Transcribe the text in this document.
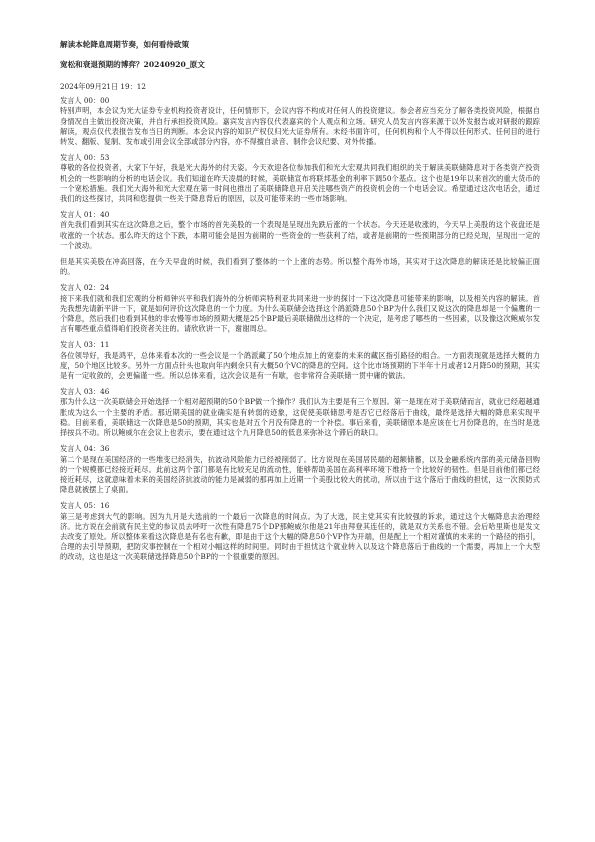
解读本轮降息周期节奏，如何看待政策

宽松和衰退预期的博弈？20240920_原文

2024年09月21日 19：12

发言人 00：00

特别声明，本会议为光大证券专业机构投资者设计，任何情形下，会议内容不构成对任何人的投资建议。参会者应当充分了解各类投资风险，根据自身情况自主做出投资决策，并自行承担投资风险。嘉宾发言内容仅代表嘉宾的个人观点和立场。研究人员发言内容来源于以外发报告或对研报的跟踪解读，观点仅代表报告发布当日的判断。本会议内容的知识产权仅归光大证券所有。未经书面许可，任何机构和个人不得以任何形式、任何目的进行转发、翻版、复制、发布或引用会议全部或部分内容，亦不得擅自录音、制作会议纪要、对外传播。

发言人 00：53

尊敬的各位投资者，大家下午好，我是光大海外的付天姿。今天欢迎各位参加我们和光大宏观共同我们组织的关于解读美联储降息对于各类资产投资机会的一些影响的分析的电话会议。我们知道在昨天凌晨的时候，美联储宣布将联邦基金的利率下调50个基点。这个也是19年以来首次的重大货币的一个宽松措施。我们光大海外和光大宏观在第一时间也推出了美联储降息开启关注哪些资产的投资机会的一个电话会议。希望通过这次电话会，通过我们的这些探讨，共同和您提供一些关于降息背后的原因，以及可能带来的一些市场影响。

发言人 01：40

首先我们看到其实在这次降息之后，整个市场的首先美股的一个表现是呈现出先跌后涨的一个状态。今天还是收涨的，今天早上美股的这个夜盘还是收涨的一个状态。那么昨天的这个下跌，本期可能会是因为前期的一些资金的一些获利了结，或者是前期的一些预期部分的已经兑现，呈现出一定的一个波动。

但是其实美股在冲高回落，在今天早盘的时候，我们看到了整体的一个上涨的态势。所以整个海外市场，其实对于这次降息的解读还是比较偏正面的。

发言人 02：24

接下来我们就和我们宏观的分析师钟兴平和我们海外的分析师宾特利亚共同来进一步的探讨一下这次降息可能带来的影响，以及相关内容的解读。首先我想先请新平讲一下，就是如何评价这次降息的一个力度。为什么美联储会选择这个鸽派降息50个BP为什么我们又说这次的降息却是一个偏鹰的一个降息，然后我们也看到其他的非农慢等市场的预期大概是25个BP最后美联储做出这样的一个决定，是考虑了哪些的一些因素，以及像这次鲍威尔发言有哪些重点值得咱们投资者关注的。请欣欣讲一下，谢谢周总。

发言人 03：11

各位领导好，我是鸿平，总体来看本次的一些会议是一个鸽派藏了50个地点加上的宽泰的未来的藏区指引路径的组合。一方面表现就是选择大概的力度，50个地区比较多。另外一方面点针头也取向年内剩余只有大概50个VC的降息的空间。这个比市场预期的下半年十月或者12月降50的预期，其实是有一定收敛的，会更偏谨一些。所以总体来看，这次会议是有一有歇，也非常符合美联储一贯中庸的做法。

发言人 03：46

那为什么这一次美联储会开始选择一个相对超预期的50个BP做一个操作？我们认为主要是有三个原因。第一是现在对于美联储而言，就业已经超越通胀成为这么一个主要的矛盾。那近期美国的就业确实是有转弱的迹象，这促使美联储思考是否它已经落后于曲线，最终是选择大幅的降息来实现平稳。目前来看，美联储这一次降息是50的预期，其实也是对五个月没有降息的一个补偿。事后来看，美联储原本是应该在七月份降息的，在当时是选择按兵不动。所以鲍威尔在会议上也表示，要在通过这个九月降息50的低息来弥补这个滞后的缺口。

发言人 04：36

第二个是现在美国经济的一些堆变已经消失，抗波动风险能力已经被削弱了。比方说现在美国居民端的超额储蓄，以及金融系统内部的美元储备回购的一个规模都已经接近耗尽。此前这两个部门都是有比较充足的流动性，能够帮助美国在高利率环境下维持一个比较好的韧性。但是目前他们都已经接近耗尽，这就意味着未来的美国经济抗波动的能力是减弱的那再加上近期一个美股比较大的扰动，所以由于这个落后于曲线的担忧，这一次预防式降息就被摆上了桌面。

发言人 05：16

第三是考虑到大气的影响。因为九月是大选前的一个最后一次降息的时间点。为了大选，民主党其实有比较强的诉求，通过这个大幅降息去治理经济。比方说在会前就有民主党的参议员去呼吁一次性有降息75个DP那鲍威尔他是21年由拜登其连任的，就是双方关系也不错。会后哈里斯也是发文去改变了原处。所以整体来看这次降息是有名也有歉，即是由于这个大幅的降息50个VP作为开端，但是配上一个相对谨慎的未来的一个路径的指引，合理的去引导预期，把防灾事控制在一个相对小幅这样的时间里。同时由于担忧这个就业转入以及这个降息落后于曲线的一个需要，再加上一个大型的改动，这也是这一次美联储选择降息50个BP的一个很重要的原因。
